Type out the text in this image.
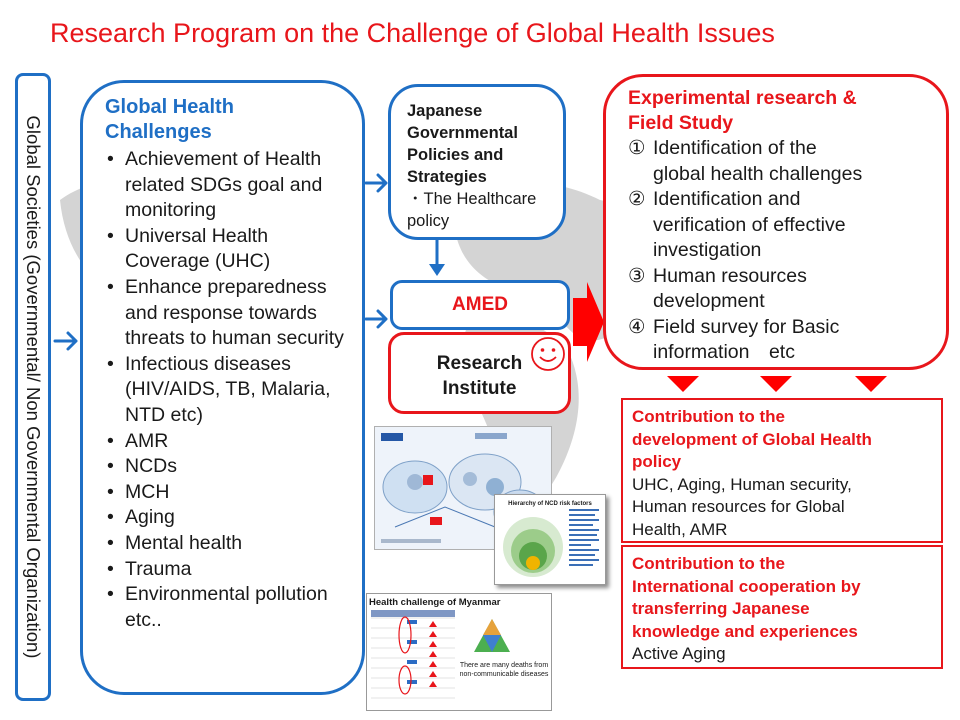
Research Program on the Challenge of Global Health Issues
Global Societies (Governmental/ Non Governmental Organization)
Global Health
Challenges
• Achievement of Health related SDGs goal and monitoring
• Universal Health Coverage (UHC)
• Enhance preparedness and response towards threats to human security
• Infectious diseases (HIV/AIDS, TB, Malaria, NTD etc)
• AMR
• NCDs
• MCH
• Aging
• Mental health
• Trauma
• Environmental pollution etc..
Japanese
Governmental
Policies and
Strategies
・The Healthcare
policy
AMED
Research
Institute
Experimental research &
Field Study
① Identification of the
global health challenges
② Identification and
verification of effective
investigation
③ Human resources
development
④ Field survey for Basic
information　etc
Contribution to the
development of Global Health
policy
UHC, Aging, Human security,
Human resources for Global
Health, AMR
Contribution to the
International cooperation by
transferring Japanese
knowledge and experiences
Active Aging
Health challenge of Myanmar
There are many deaths from non-communicable diseases
Hierarchy of NCD risk factors
